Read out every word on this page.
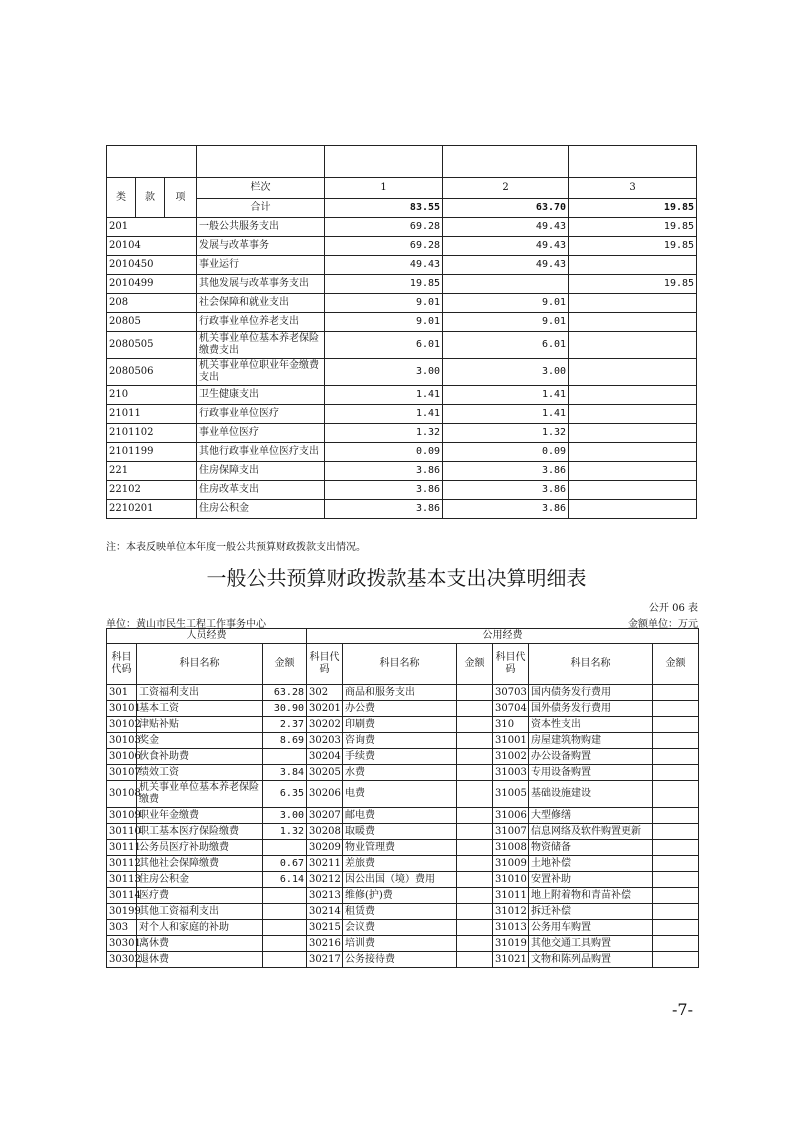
类	款	项	栏次	1	2	3
			合计	83.55	63.70	19.85
201			一般公共服务支出	69.28	49.43	19.85
20104			发展与改革事务	69.28	49.43	19.85
2010450			事业运行	49.43	49.43	
2010499			其他发展与改革事务支出	19.85		19.85
208			社会保障和就业支出	9.01	9.01	
20805			行政事业单位养老支出	9.01	9.01	
2080505			机关事业单位基本养老保险缴费支出	6.01	6.01	
2080506			机关事业单位职业年金缴费支出	3.00	3.00	
210			卫生健康支出	1.41	1.41	
21011			行政事业单位医疗	1.41	1.41	
2101102			事业单位医疗	1.32	1.32	
2101199			其他行政事业单位医疗支出	0.09	0.09	
221			住房保障支出	3.86	3.86	
22102			住房改革支出	3.86	3.86	
2210201			住房公积金	3.86	3.86	
注：本表反映单位本年度一般公共预算财政拨款支出情况。
一般公共预算财政拨款基本支出决算明细表
公开 06 表
单位：黄山市民生工程工作事务中心	金额单位：万元
人员经费			公用经费					
科目代码	科目名称	金额	科目代码	科目名称	金额	科目代码	科目名称	金额
301	工资福利支出	63.28	302	商品和服务支出		30703	国内债务发行费用	
30101	基本工资	30.90	30201	办公费		30704	国外债务发行费用	
30102	津贴补贴	2.37	30202	印刷费		310	资本性支出	
30103	奖金	8.69	30203	咨询费		31001	房屋建筑物购建	
30106	伙食补助费		30204	手续费		31002	办公设备购置	
30107	绩效工资	3.84	30205	水费		31003	专用设备购置	
30108	机关事业单位基本养老保险缴费	6.35	30206	电费		31005	基础设施建设	
30109	职业年金缴费	3.00	30207	邮电费		31006	大型修缮	
30110	职工基本医疗保险缴费	1.32	30208	取暖费		31007	信息网络及软件购置更新	
30111	公务员医疗补助缴费		30209	物业管理费		31008	物资储备	
30112	其他社会保障缴费	0.67	30211	差旅费		31009	土地补偿	
30113	住房公积金	6.14	30212	因公出国（境）费用		31010	安置补助	
30114	医疗费		30213	维修(护)费		31011	地上附着物和青苗补偿	
30199	其他工资福利支出		30214	租赁费		31012	拆迁补偿	
303	对个人和家庭的补助		30215	会议费		31013	公务用车购置	
30301	离休费		30216	培训费		31019	其他交通工具购置	
30302	退休费		30217	公务接待费		31021	文物和陈列品购置	
-7-
